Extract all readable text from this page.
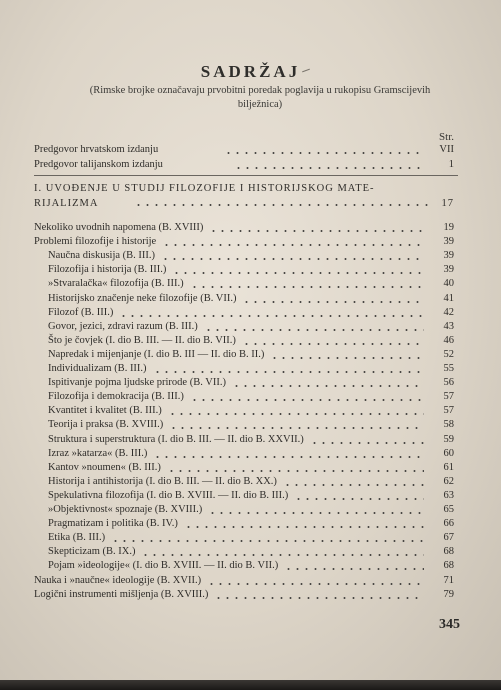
SADRŽAJ
(Rimske brojke označavaju prvobitni poredak poglavija u rukopisu Gramscijevih bilježnica)
Str.
Predgovor hrvatskom izdanju	VII
Predgovor talijanskom izdanju	1
I. UVOĐENJE U STUDIJ FILOZOFIJE I HISTORIJSKOG MATE-
RIJALIZMA	17
Nekoliko uvodnih napomena (B. XVIII)	19
Problemi filozofije i historije	39
Naučna diskusija (B. III.)	39
Filozofija i historija (B. III.)	39
»Stvaralačka« filozofija (B. III.)	40
Historijsko značenje neke filozofije (B. VII.)	41
Filozof (B. III.)	42
Govor, jezici, zdravi razum (B. III.)	43
Što je čovjek (I. dio B. III. — II. dio B. VII.)	46
Napredak i mijenjanje (I. dio B. III — II. dio B. II.)	52
Individualizam (B. III.)	55
Ispitivanje pojma ljudske prirode (B. VII.)	56
Filozofija i demokracija (B. III.)	57
Kvantitet i kvalitet (B. III.)	57
Teorija i praksa (B. XVIII.)	58
Struktura i superstruktura (I. dio B. III. — II. dio B. XXVII.)	59
Izraz »katarza« (B. III.)	60
Kantov »noumen« (B. III.)	61
Historija i antihistorija (I. dio B. III. — II. dio B. XX.)	62
Spekulativna filozofija (I. dio B. XVIII. — II. dio B. III.)	63
»Objektivnost« spoznaje (B. XVIII.)	65
Pragmatizam i politika (B. IV.)	66
Etika (B. III.)	67
Skepticizam (B. IX.)	68
Pojam »ideologije« (I. dio B. XVIII. — II. dio B. VII.)	68
Nauka i »naučne« ideologije (B. XVII.)	71
Logični instrumenti mišljenja (B. XVIII.)	79
345
